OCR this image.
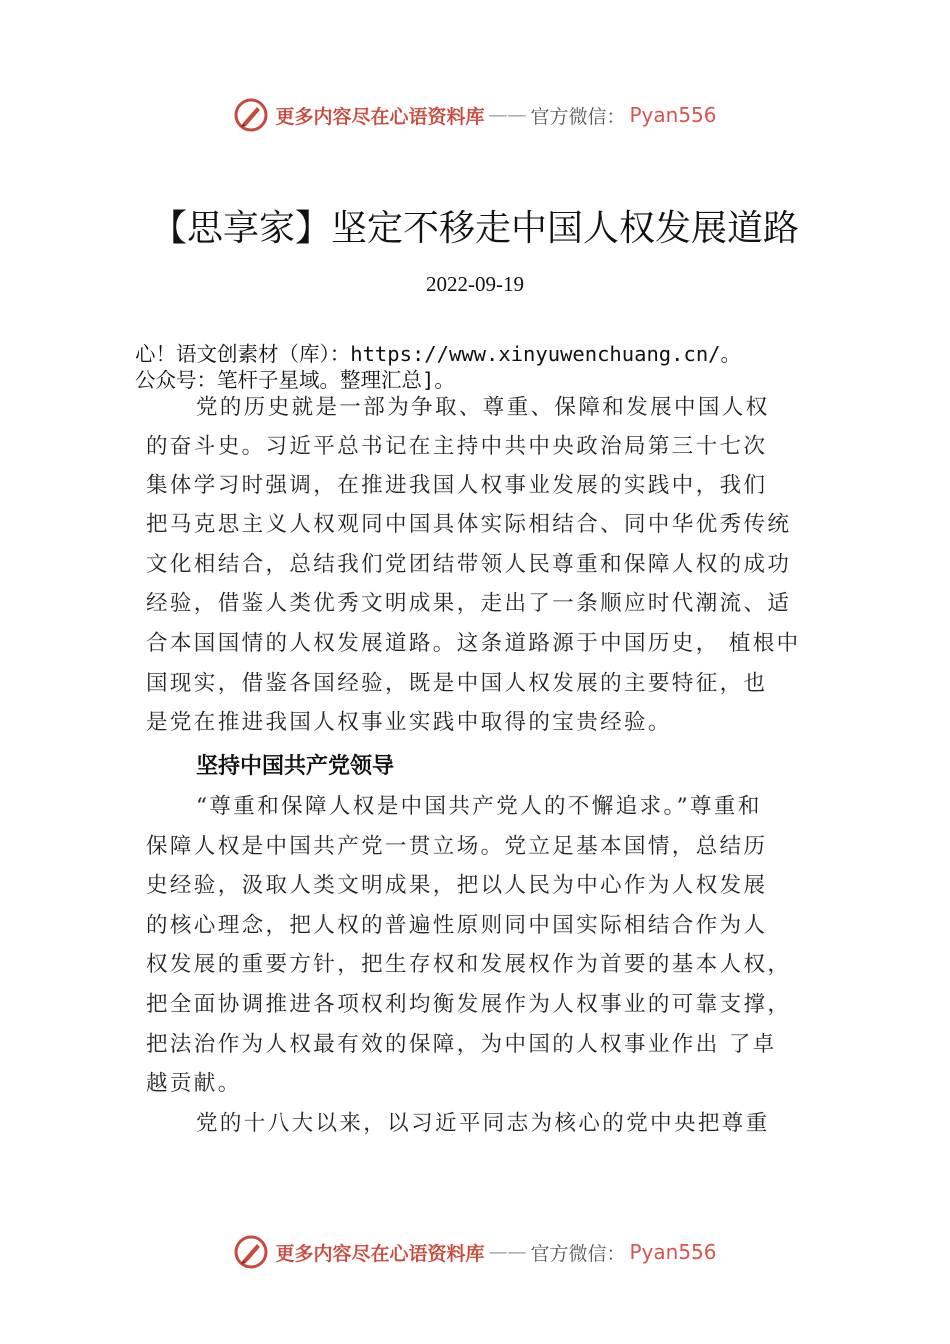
更多内容尽在心语资料库 —— 官方微信： Pyan556
【思享家】坚定不移走中国人权发展道路
2022-09-19
心！语文创素材（库）：https://www.xinyuwenchuang.cn/。
公众号：笔杆子星域。整理汇总]。
党的历史就是一部为争取、尊重、保障和发展中国人权
的奋斗史。习近平总书记在主持中共中央政治局第三十七次
集体学习时强调，在推进我国人权事业发展的实践中，我们
把马克思主义人权观同中国具体实际相结合、同中华优秀传统
文化相结合，总结我们党团结带领人民尊重和保障人权的成功
经验，借鉴人类优秀文明成果，走出了一条顺应时代潮流、适
合本国国情的人权发展道路。这条道路源于中国历史， 植根中
国现实，借鉴各国经验，既是中国人权发展的主要特征，也
是党在推进我国人权事业实践中取得的宝贵经验。
坚持中国共产党领导
“尊重和保障人权是中国共产党人的不懈追求。”尊重和
保障人权是中国共产党一贯立场。党立足基本国情，总结历
史经验，汲取人类文明成果，把以人民为中心作为人权发展
的核心理念，把人权的普遍性原则同中国实际相结合作为人
权发展的重要方针，把生存权和发展权作为首要的基本人权，
把全面协调推进各项权利均衡发展作为人权事业的可靠支撑，
把法治作为人权最有效的保障，为中国的人权事业作出 了卓
越贡献。
党的十八大以来，以习近平同志为核心的党中央把尊重
更多内容尽在心语资料库 —— 官方微信： Pyan556
